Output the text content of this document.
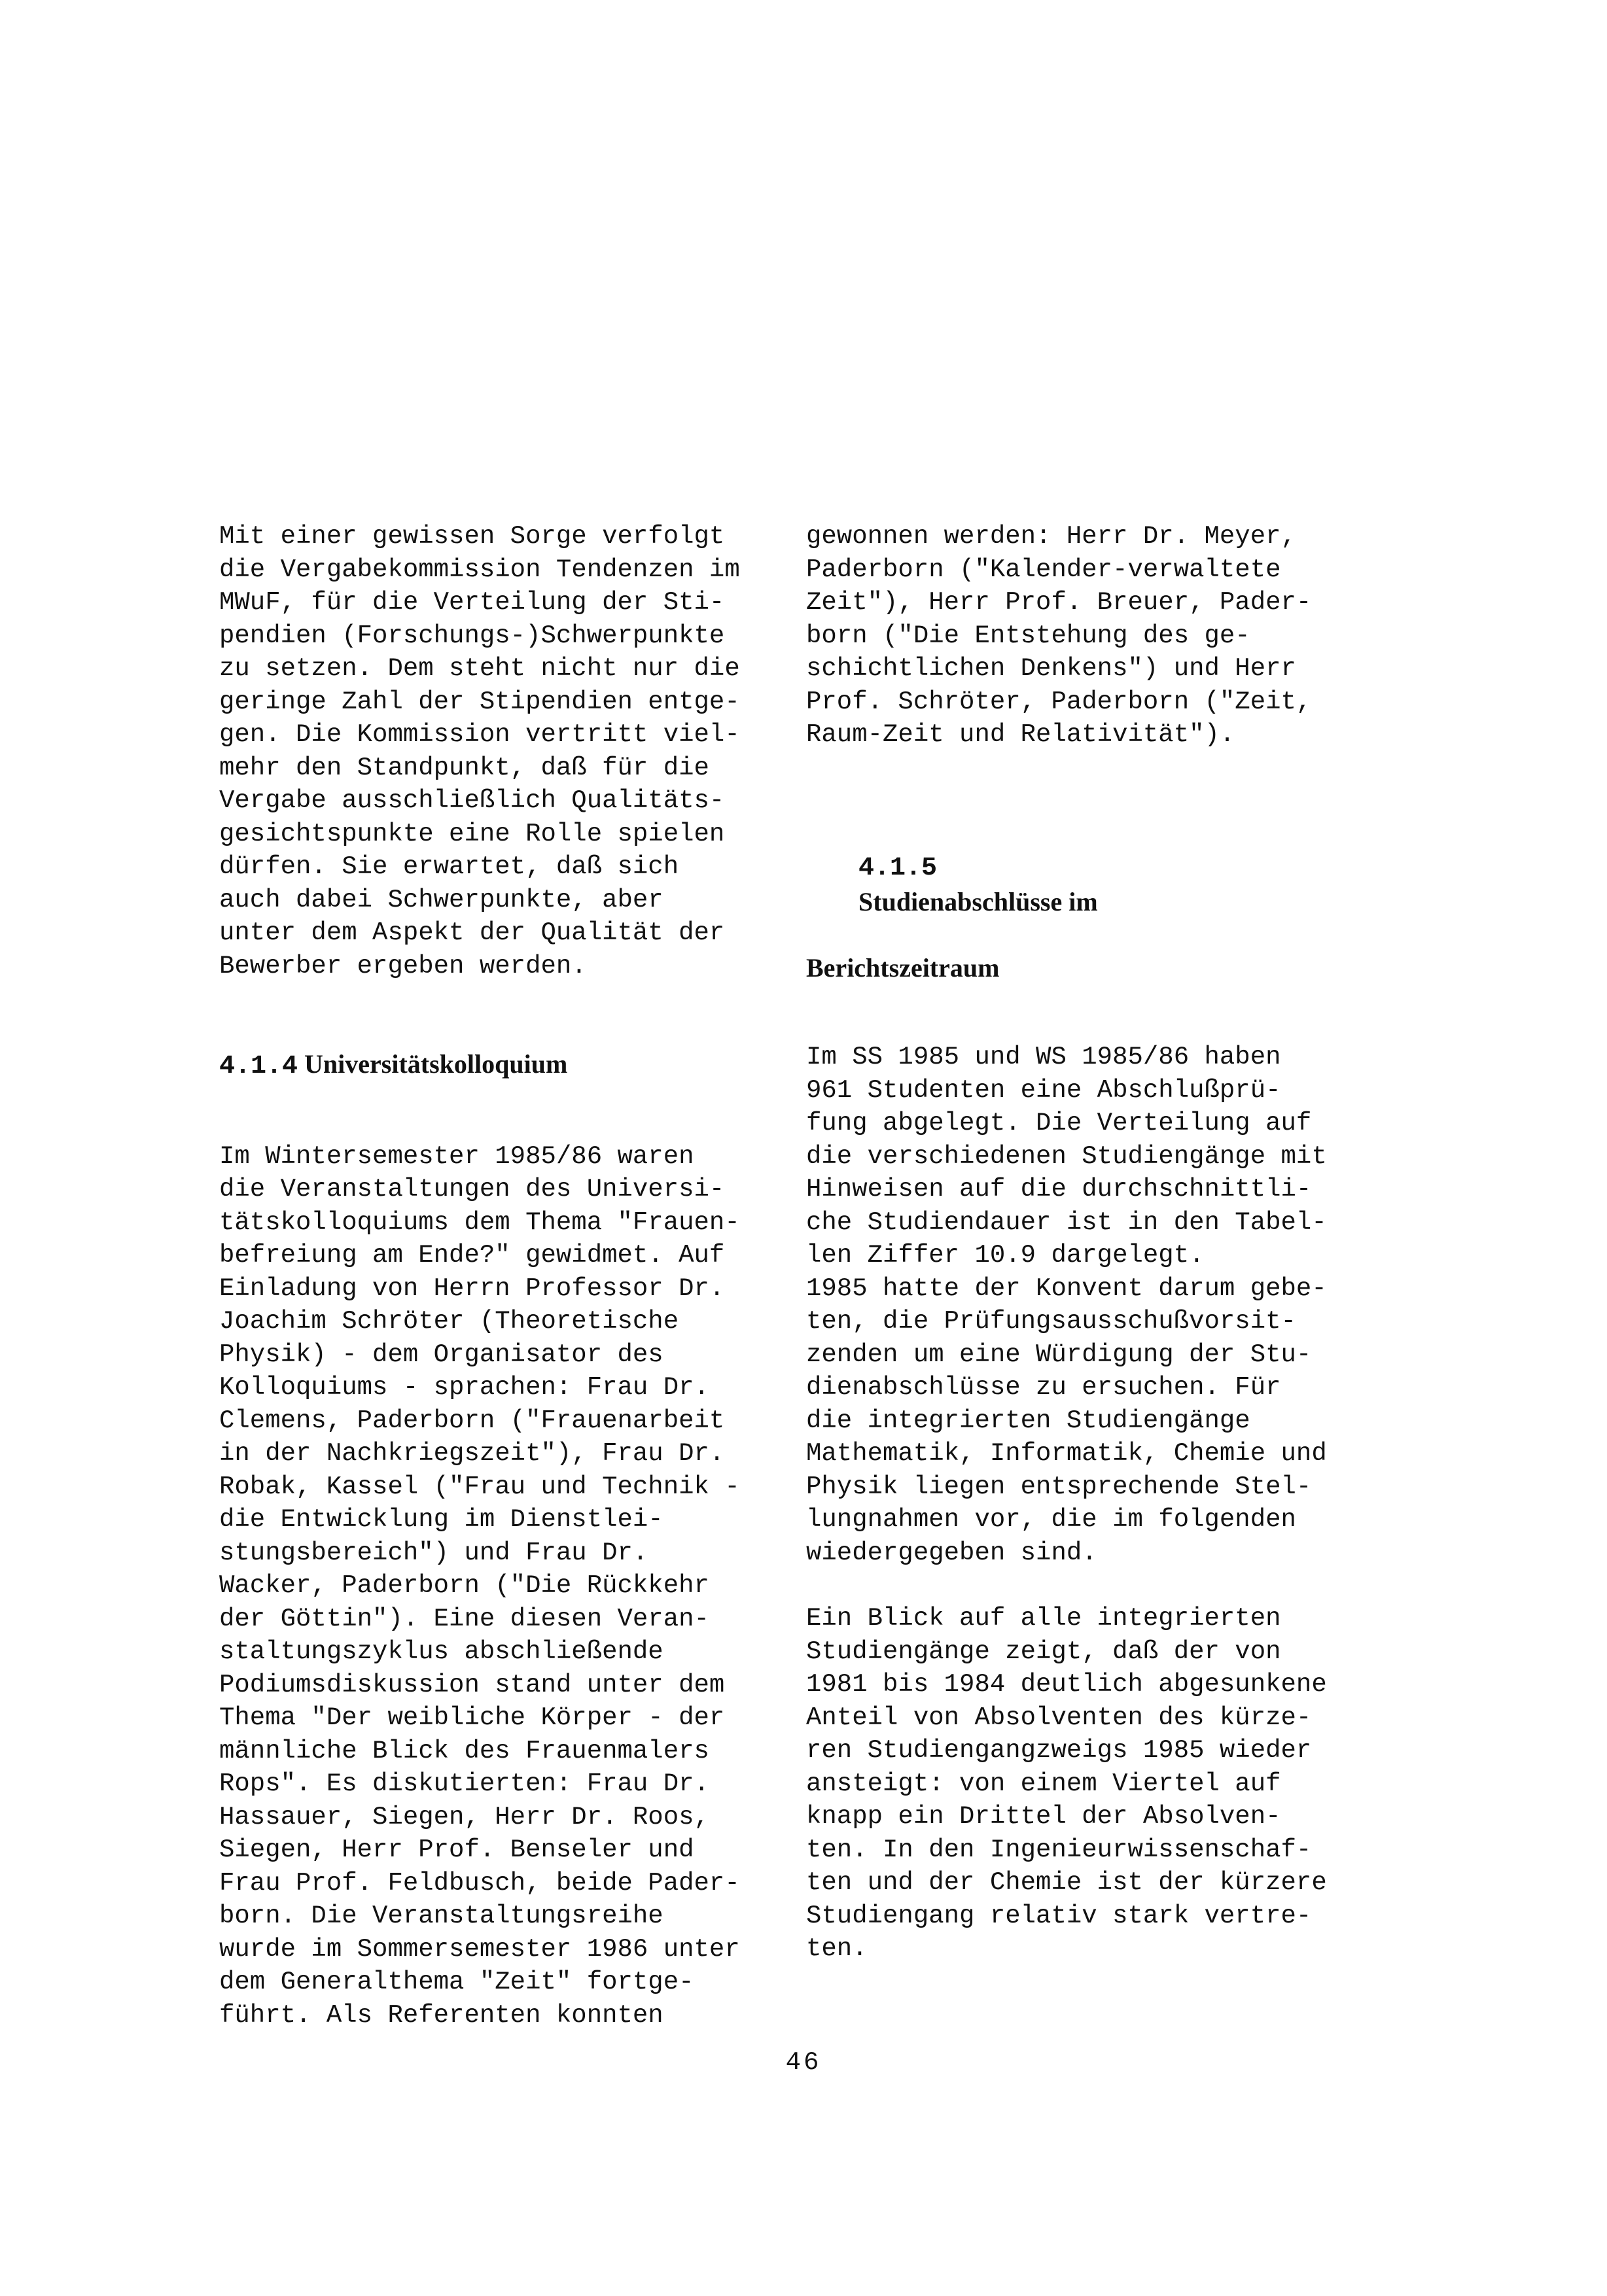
Mit einer gewissen Sorge verfolgt
die Vergabekommission Tendenzen im
MWuF, für die Verteilung der Sti-
pendien (Forschungs-)Schwerpunkte
zu setzen. Dem steht nicht nur die
geringe Zahl der Stipendien entge-
gen. Die Kommission vertritt viel-
mehr den Standpunkt, daß für die
Vergabe ausschließlich Qualitäts-
gesichtspunkte eine Rolle spielen
dürfen. Sie erwartet, daß sich
auch dabei Schwerpunkte, aber
unter dem Aspekt der Qualität der
Bewerber ergeben werden.

4.1.4 Universitätskolloquium

Im Wintersemester 1985/86 waren
die Veranstaltungen des Universi-
tätskolloquiums dem Thema "Frauen-
befreiung am Ende?" gewidmet. Auf
Einladung von Herrn Professor Dr.
Joachim Schröter (Theoretische
Physik) - dem Organisator des
Kolloquiums - sprachen: Frau Dr.
Clemens, Paderborn ("Frauenarbeit
in der Nachkriegszeit"), Frau Dr.
Robak, Kassel ("Frau und Technik -
die Entwicklung im Dienstlei-
stungsbereich") und Frau Dr.
Wacker, Paderborn ("Die Rückkehr
der Göttin"). Eine diesen Veran-
staltungszyklus abschließende
Podiumsdiskussion stand unter dem
Thema "Der weibliche Körper - der
männliche Blick des Frauenmalers
Rops". Es diskutierten: Frau Dr.
Hassauer, Siegen, Herr Dr. Roos,
Siegen, Herr Prof. Benseler und
Frau Prof. Feldbusch, beide Pader-
born. Die Veranstaltungsreihe
wurde im Sommersemester 1986 unter
dem Generalthema "Zeit" fortge-
führt. Als Referenten konnten

gewonnen werden: Herr Dr. Meyer,
Paderborn ("Kalender-verwaltete
Zeit"), Herr Prof. Breuer, Pader-
born ("Die Entstehung des ge-
schichtlichen Denkens") und Herr
Prof. Schröter, Paderborn ("Zeit,
Raum-Zeit und Relativität").

4.1.5
Studienabschlüsse im

Berichtszeitraum

Im SS 1985 und WS 1985/86 haben
961 Studenten eine Abschlußprü-
fung abgelegt. Die Verteilung auf
die verschiedenen Studiengänge mit
Hinweisen auf die durchschnittli-
che Studiendauer ist in den Tabel-
len Ziffer 10.9 dargelegt.
1985 hatte der Konvent darum gebe-
ten, die Prüfungsausschußvorsit-
zenden um eine Würdigung der Stu-
dienabschlüsse zu ersuchen. Für
die integrierten Studiengänge
Mathematik, Informatik, Chemie und
Physik liegen entsprechende Stel-
lungnahmen vor, die im folgenden
wiedergegeben sind.

Ein Blick auf alle integrierten
Studiengänge zeigt, daß der von
1981 bis 1984 deutlich abgesunkene
Anteil von Absolventen des kürze-
ren Studiengangzweigs 1985 wieder
ansteigt: von einem Viertel auf
knapp ein Drittel der Absolven-
ten. In den Ingenieurwissenschaf-
ten und der Chemie ist der kürzere
Studiengang relativ stark vertre-
ten.

46
